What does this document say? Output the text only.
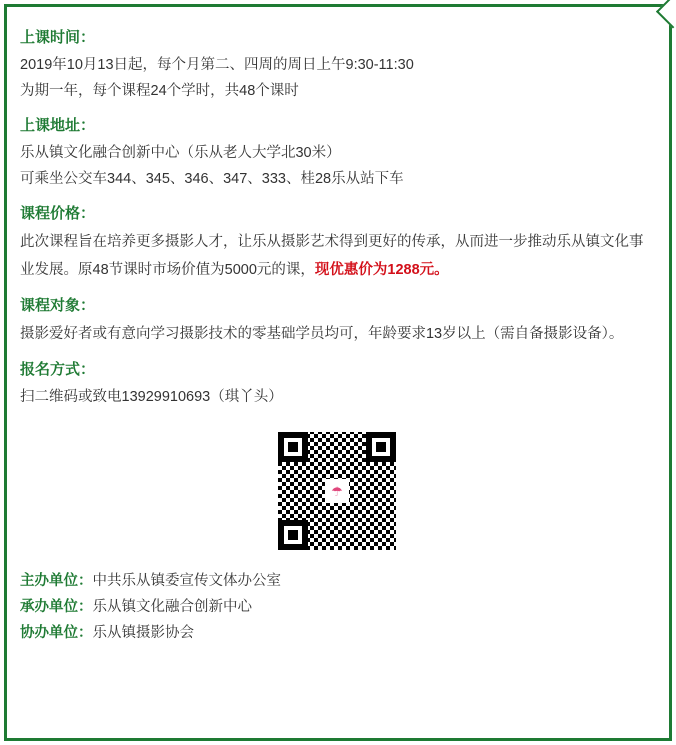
上课时间：
2019年10月13日起，每个月第二、四周的周日上午9:30-11:30
为期一年，每个课程24个学时，共48个课时
上课地址：
乐从镇文化融合创新中心（乐从老人大学北30米）
可乘坐公交车344、345、346、347、333、桂28乐从站下车
课程价格：
此次课程旨在培养更多摄影人才，让乐从摄影艺术得到更好的传承，从而进一步推动乐从镇文化事业发展。原48节课时市场价值为5000元的课，现优惠价为1288元。
课程对象：
摄影爱好者或有意向学习摄影技术的零基础学员均可，年龄要求13岁以上（需自备摄影设备）。
报名方式：
扫二维码或致电13929910693（琪丫头）
☂
主办单位：中共乐从镇委宣传文体办公室
承办单位：乐从镇文化融合创新中心
协办单位：乐从镇摄影协会
